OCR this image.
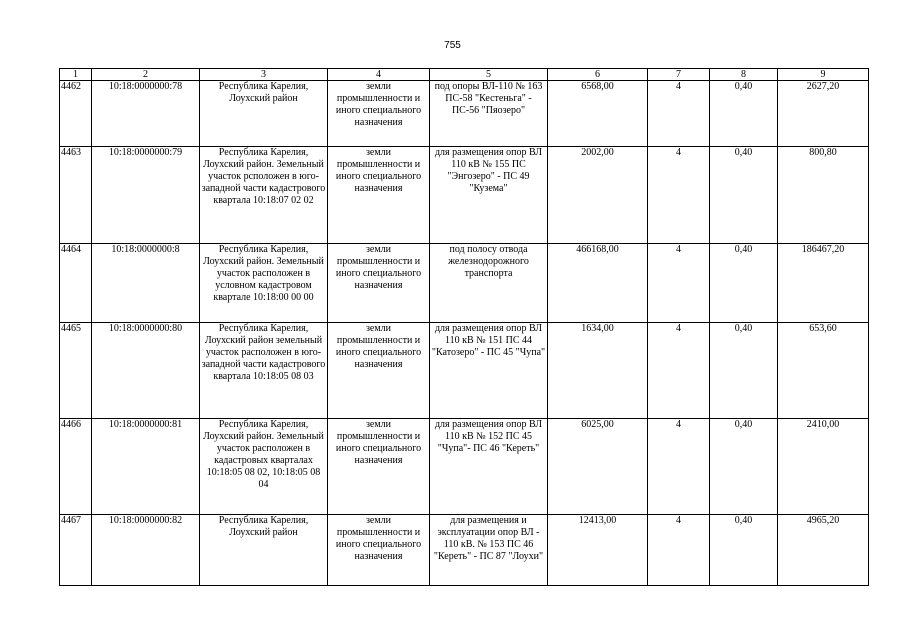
755
1	2	3	4	5	6	7	8	9
4462	10:18:0000000:78	Республика Карелия, Лоухский район	земли промышленности и иного специального назначения	под опоры ВЛ-110 № 163 ПС-58 "Кестеньга" - ПС-56 "Пяозеро"	6568,00	4	0,40	2627,20
4463	10:18:0000000:79	Республика Карелия, Лоухский район. Земельный участок рсположен в юго-западной части кадастрового квартала 10:18:07 02 02	земли промышленности и иного специального назначения	для размещения опор ВЛ 110 кВ № 155 ПС "Энгозеро" - ПС 49 "Кузема"	2002,00	4	0,40	800,80
4464	10:18:0000000:8	Республика Карелия, Лоухский район. Земельный участок расположен в условном кадастровом квартале 10:18:00 00 00	земли промышленности и иного специального назначения	под полосу отвода железнодорожного транспорта	466168,00	4	0,40	186467,20
4465	10:18:0000000:80	Республика Карелия, Лоухский район земельный участок расположен в юго-западной части кадастрового квартала 10:18:05 08 03	земли промышленности и иного специального назначения	для размещения опор ВЛ 110 кВ № 151 ПС 44 "Катозеро" - ПС 45 "Чупа"	1634,00	4	0,40	653,60
4466	10:18:0000000:81	Республика Карелия, Лоухский район. Земельный участок расположен в кадастровых кварталах 10:18:05 08 02, 10:18:05 08 04	земли промышленности и иного специального назначения	для размещения опор ВЛ 110 кВ № 152 ПС 45 "Чупа"- ПС 46 "Кереть"	6025,00	4	0,40	2410,00
4467	10:18:0000000:82	Республика Карелия, Лоухский район	земли промышленности и иного специального назначения	для размещения и эксплуатации опор ВЛ - 110 кВ. № 153 ПС 46 "Кереть" - ПС 87 "Лоухи"	12413,00	4	0,40	4965,20
